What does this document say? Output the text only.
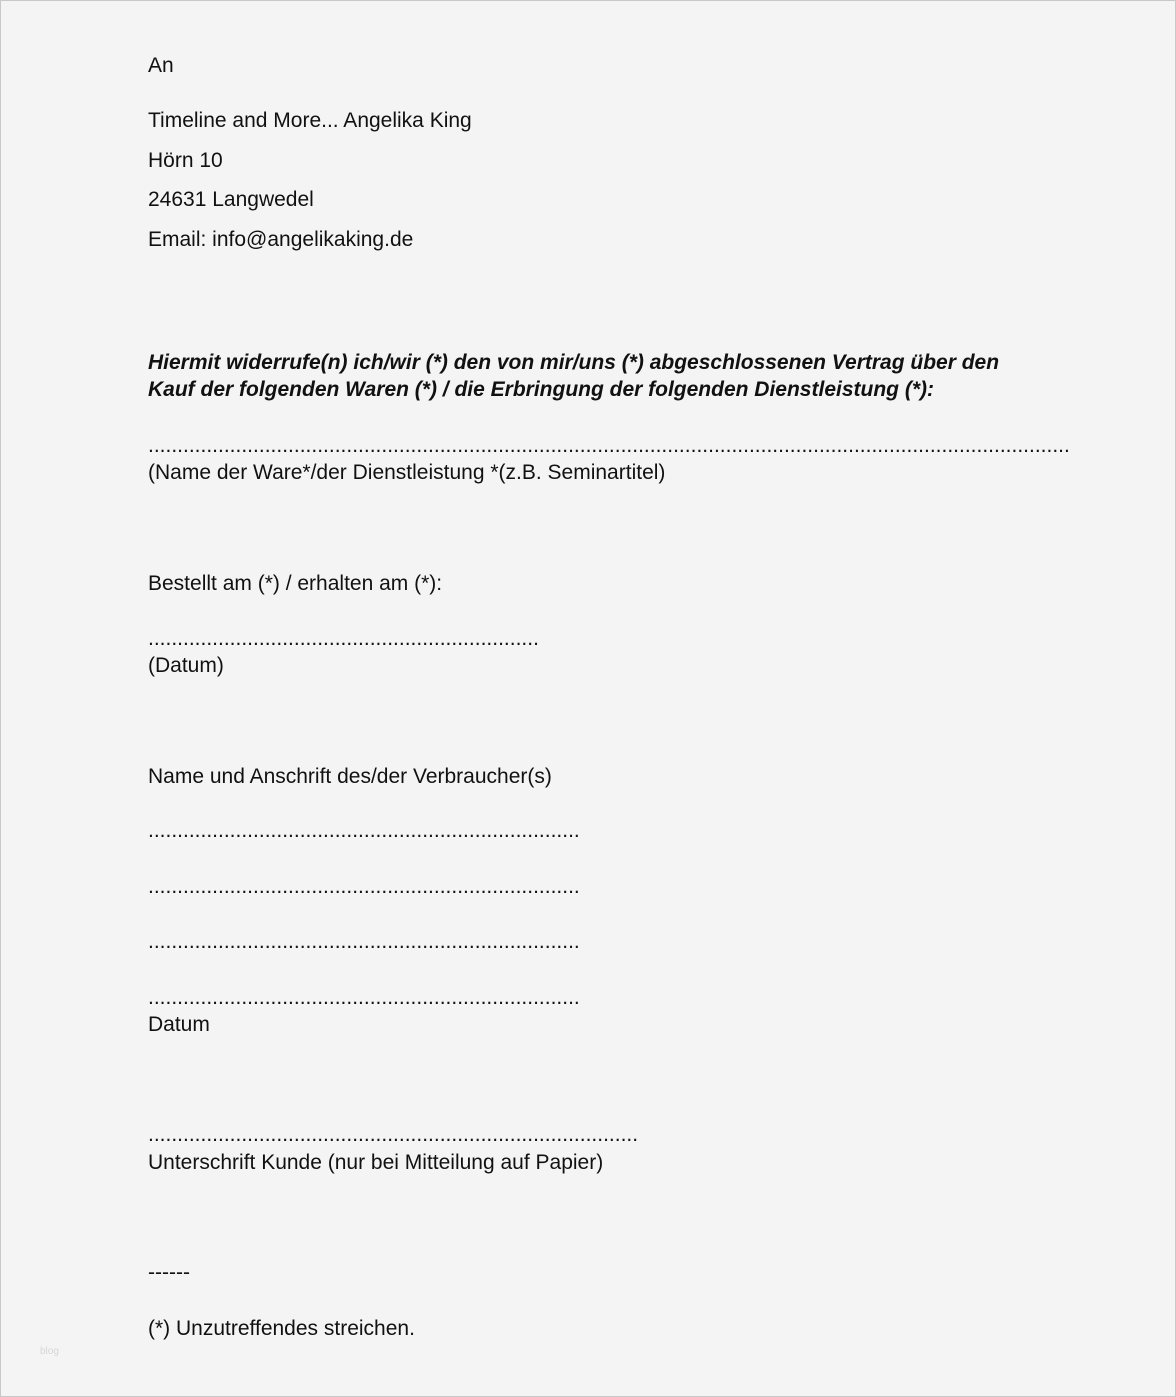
An
Timeline and More... Angelika King
Hörn 10
24631 Langwedel
Email: info@angelikaking.de
Hiermit widerrufe(n) ich/wir (*) den von mir/uns (*) abgeschlossenen Vertrag über den
Kauf der folgenden Waren (*) / die Erbringung der folgenden Dienstleistung (*):
..............................................................................................................................................................
(Name der Ware*/der Dienstleistung *(z.B. Seminartitel)
Bestellt am (*) / erhalten am (*):
...................................................................
(Datum)
Name und Anschrift des/der Verbraucher(s)
..........................................................................
..........................................................................
..........................................................................
..........................................................................
Datum
....................................................................................
Unterschrift Kunde (nur bei Mitteilung auf Papier)
------
(*) Unzutreffendes streichen.
blog
